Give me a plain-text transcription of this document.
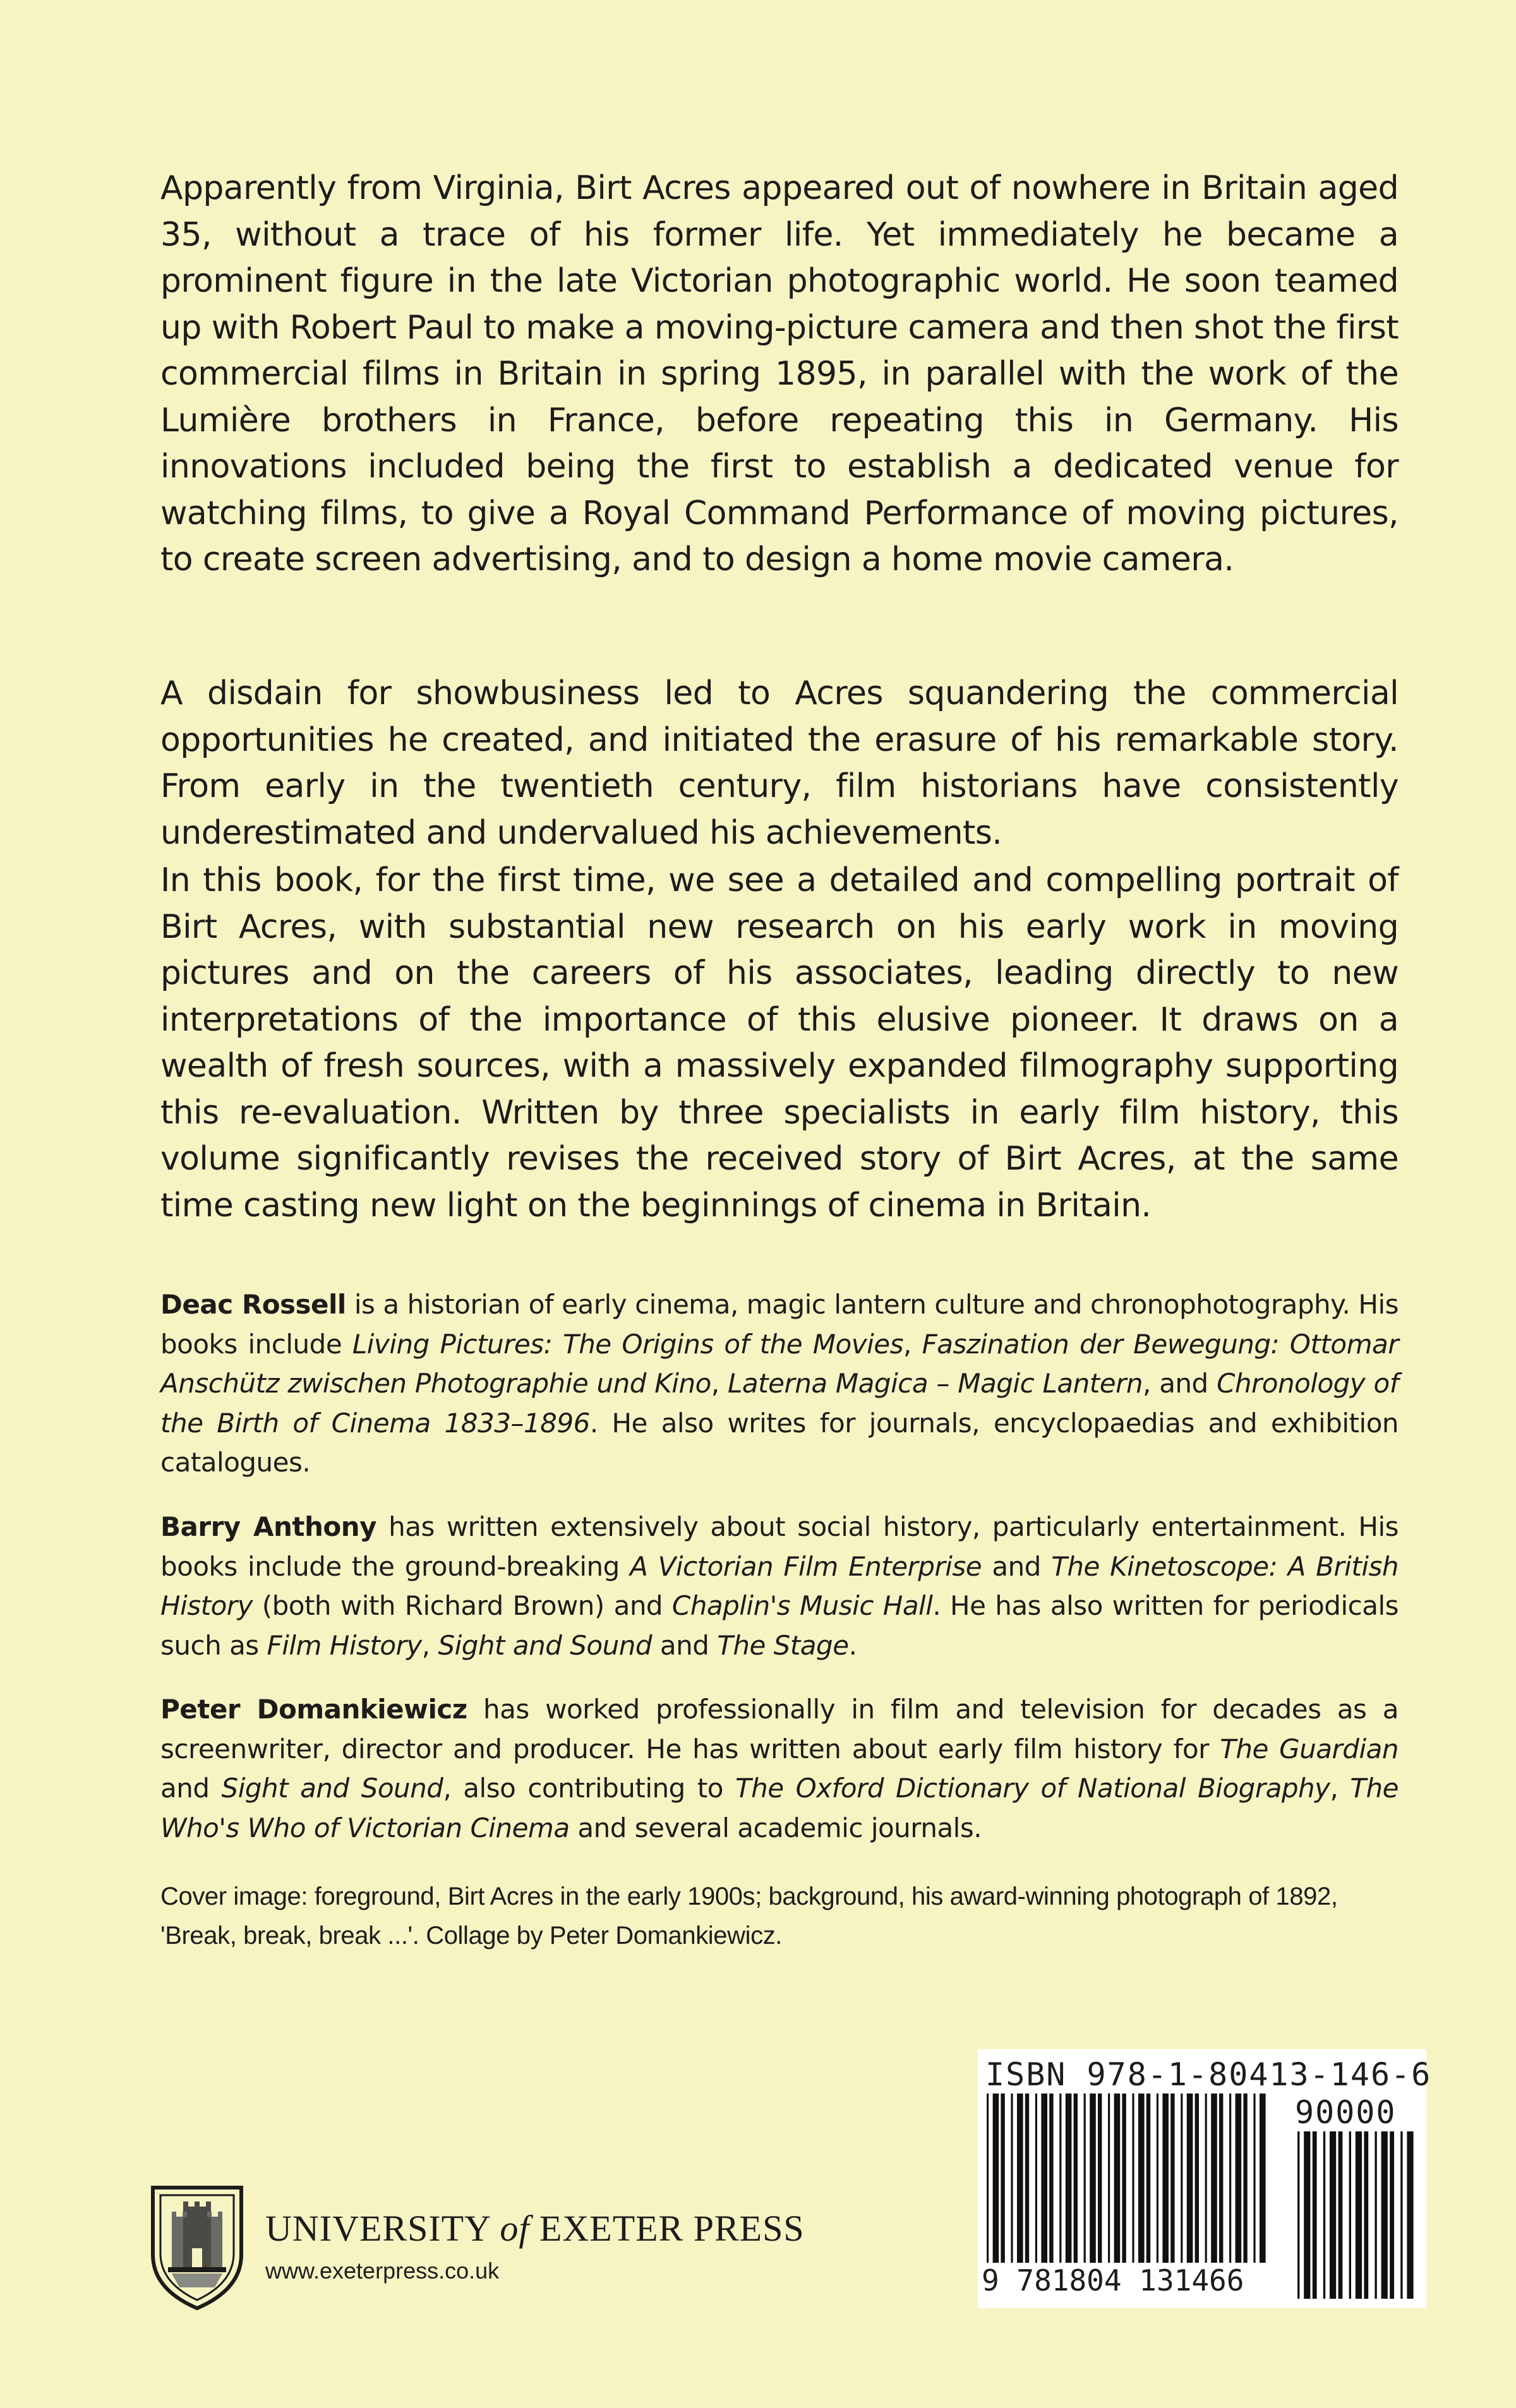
Apparently from Virginia, Birt Acres appeared out of nowhere in Britain aged 35, without a trace of his former life. Yet immediately he became a prominent figure in the late Victorian photographic world. He soon teamed up with Robert Paul to make a moving-picture camera and then shot the first commercial films in Britain in spring 1895, in parallel with the work of the Lumière brothers in France, before repeating this in Germany. His innovations included being the first to establish a dedicated venue for watching films, to give a Royal Command Performance of moving pictures, to create screen advertising, and to design a home movie camera.

A disdain for showbusiness led to Acres squandering the commercial opportunities he created, and initiated the erasure of his remarkable story. From early in the twentieth century, film historians have consistently underestimated and undervalued his achievements.

In this book, for the first time, we see a detailed and compelling portrait of Birt Acres, with substantial new research on his early work in moving pictures and on the careers of his associates, leading directly to new interpretations of the importance of this elusive pioneer. It draws on a wealth of fresh sources, with a massively expanded filmography supporting this re-evaluation. Written by three specialists in early film history, this volume significantly revises the received story of Birt Acres, at the same time casting new light on the beginnings of cinema in Britain.

Deac Rossell is a historian of early cinema, magic lantern culture and chronophotography. His books include Living Pictures: The Origins of the Movies, Faszination der Bewegung: Ottomar Anschütz zwischen Photographie und Kino, Laterna Magica – Magic Lantern, and Chronology of the Birth of Cinema 1833–1896. He also writes for journals, encyclopaedias and exhibition catalogues.

Barry Anthony has written extensively about social history, particularly entertainment. His books include the ground-breaking A Victorian Film Enterprise and The Kinetoscope: A British History (both with Richard Brown) and Chaplin's Music Hall. He has also written for periodicals such as Film History, Sight and Sound and The Stage.

Peter Domankiewicz has worked professionally in film and television for decades as a screenwriter, director and producer. He has written about early film history for The Guardian and Sight and Sound, also contributing to The Oxford Dictionary of National Biography, The Who's Who of Victorian Cinema and several academic journals.

Cover image: foreground, Birt Acres in the early 1900s; background, his award-winning photograph of 1892, 'Break, break, break ...'. Collage by Peter Domankiewicz.

UNIVERSITY of EXETER PRESS
www.exeterpress.co.uk
ISBN 978-1-80413-146-6
90000
9 781804 131466
